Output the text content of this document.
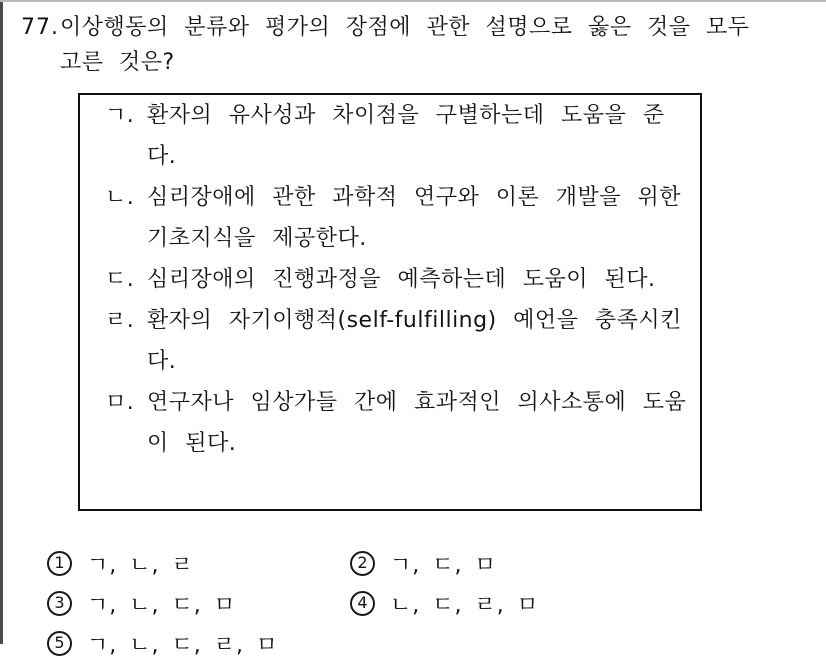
77. 이상행동의 분류와 평가의 장점에 관한 설명으로 옳은 것을 모두 고른 것은?
ㄱ. 환자의 유사성과 차이점을 구별하는데 도움을 준다.
ㄴ. 심리장애에 관한 과학적 연구와 이론 개발을 위한 기초지식을 제공한다.
ㄷ. 심리장애의 진행과정을 예측하는데 도움이 된다.
ㄹ. 환자의 자기이행적(self-fulfilling) 예언을 충족시킨다.
ㅁ. 연구자나 임상가들 간에 효과적인 의사소통에 도움이 된다.
1	ㄱ, ㄴ, ㄹ	2	ㄱ, ㄷ, ㅁ
3	ㄱ, ㄴ, ㄷ, ㅁ	4	ㄴ, ㄷ, ㄹ, ㅁ
5	ㄱ, ㄴ, ㄷ, ㄹ, ㅁ
